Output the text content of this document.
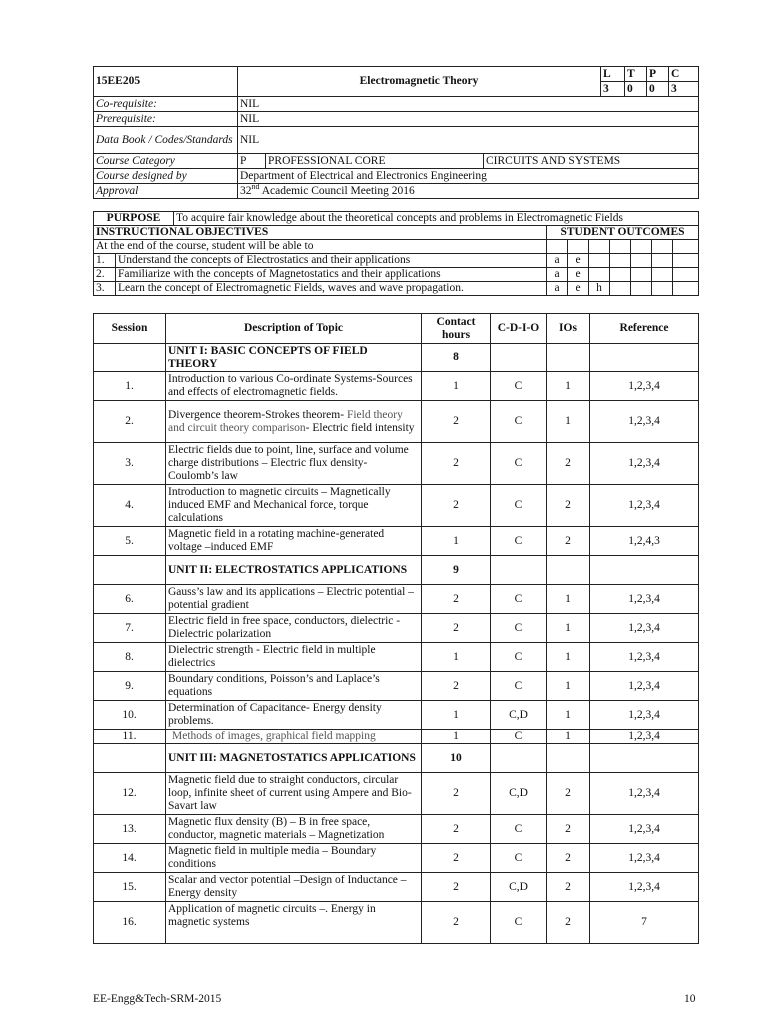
15EE205	Electromagnetic Theory			L	T	P	C
				3	0	0	3
Co-requisite:	NIL						
Prerequisite:	NIL						
Data Book / Codes/Standards	NIL						
Course Category	P	PROFESSIONAL CORE	CIRCUITS AND SYSTEMS				
Course designed by	Department of Electrical and Electronics Engineering						
Approval	32nd Academic Council Meeting 2016						
PURPOSE		To acquire fair knowledge about the theoretical concepts and problems in Electromagnetic Fields							
INSTRUCTIONAL OBJECTIVES			STUDENT OUTCOMES						
At the end of the course, student will be able to									
1.	Understand the concepts of Electrostatics and their applications		a	e					
2.	Familiarize with the concepts of Magnetostatics and their applications		a	e					
3.	Learn the concept of Electromagnetic Fields, waves and wave propagation.		a	e	h				
Session	Description of Topic	Contact hours	C-D-I-O	IOs	Reference
	UNIT I: BASIC CONCEPTS OF FIELD THEORY	8			
1.	Introduction to various Co-ordinate Systems-Sources and effects of electromagnetic fields.	1	C	1	1,2,3,4
2.	Divergence theorem-Strokes theorem- Field theory and circuit theory comparison- Electric field intensity	2	C	1	1,2,3,4
3.	Electric fields due to point, line, surface and volume charge distributions – Electric flux density- Coulomb’s law	2	C	2	1,2,3,4
4.	Introduction to magnetic circuits – Magnetically induced EMF and Mechanical force, torque calculations	2	C	2	1,2,3,4
5.	Magnetic field in a rotating machine-generated voltage –induced EMF	1	C	2	1,2,4,3
	UNIT II: ELECTROSTATICS APPLICATIONS	9			
6.	Gauss’s law and its applications – Electric potential – potential gradient	2	C	1	1,2,3,4
7.	Electric field in free space, conductors, dielectric -Dielectric polarization	2	C	1	1,2,3,4
8.	Dielectric strength - Electric field in multiple dielectrics	1	C	1	1,2,3,4
9.	Boundary conditions, Poisson’s and Laplace’s equations	2	C	1	1,2,3,4
10.	Determination of Capacitance- Energy density problems.	1	C,D	1	1,2,3,4
11.	Methods of images, graphical field mapping	1	C	1	1,2,3,4
	UNIT III: MAGNETOSTATICS APPLICATIONS	10			
12.	Magnetic field due to straight conductors, circular loop, infinite sheet of current using Ampere and Bio-Savart law	2	C,D	2	1,2,3,4
13.	Magnetic flux density (B) – B in free space, conductor, magnetic materials – Magnetization	2	C	2	1,2,3,4
14.	Magnetic field in multiple media – Boundary conditions	2	C	2	1,2,3,4
15.	Scalar and vector potential –Design of Inductance – Energy density	2	C,D	2	1,2,3,4
16.	Application of magnetic circuits –. Energy in magnetic systems	2	C	2	7
EE-Engg&Tech-SRM-2015	10
